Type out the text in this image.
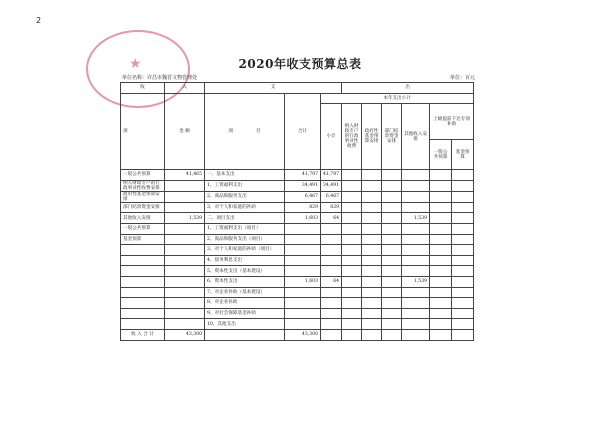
2
★	2020年收支预算总表
单位名称：许昌市魏晋文物管理处	单位：百元
收	入	支			出					
项	金 额	项　　　　　 目	合计	本年支出小计						
				小计	纳入财政专户的行政事业性收费	政府性基金预算安排	部门结余资金安排	其他收入安排	上级提前下达专项补助	
									一般公共预算	基金预算
一般公共预算	41,465	一、基本支出	41,797	41,797						
纳入财政专户的行政事业性收费安排		1、工资福利支出	34,491	34,491						
政府性基金预算安排		2、商品和服务支出	6,467	6,467						
部门结余资金安排		3、对个人和家庭的补助	829	829						
其他收入安排	1,539	二、项目支出	1,603	64				1,539		
一般公共预算		1、工资福利支出（项目）								
基金预算		2、商品和服务支出（项目）								
		3、对个人和家庭的补助（项目）								
		4、债务利息支出								
		5、资本性支出（基本建设）								
		6、资本性支出	1,603	64				1,539		
		7、对企业补助（基本建设）								
		8、对企业补助								
		9、对社会保障基金补助								
		10、其他支出								
收 入 合 计	43,300		43,300							
